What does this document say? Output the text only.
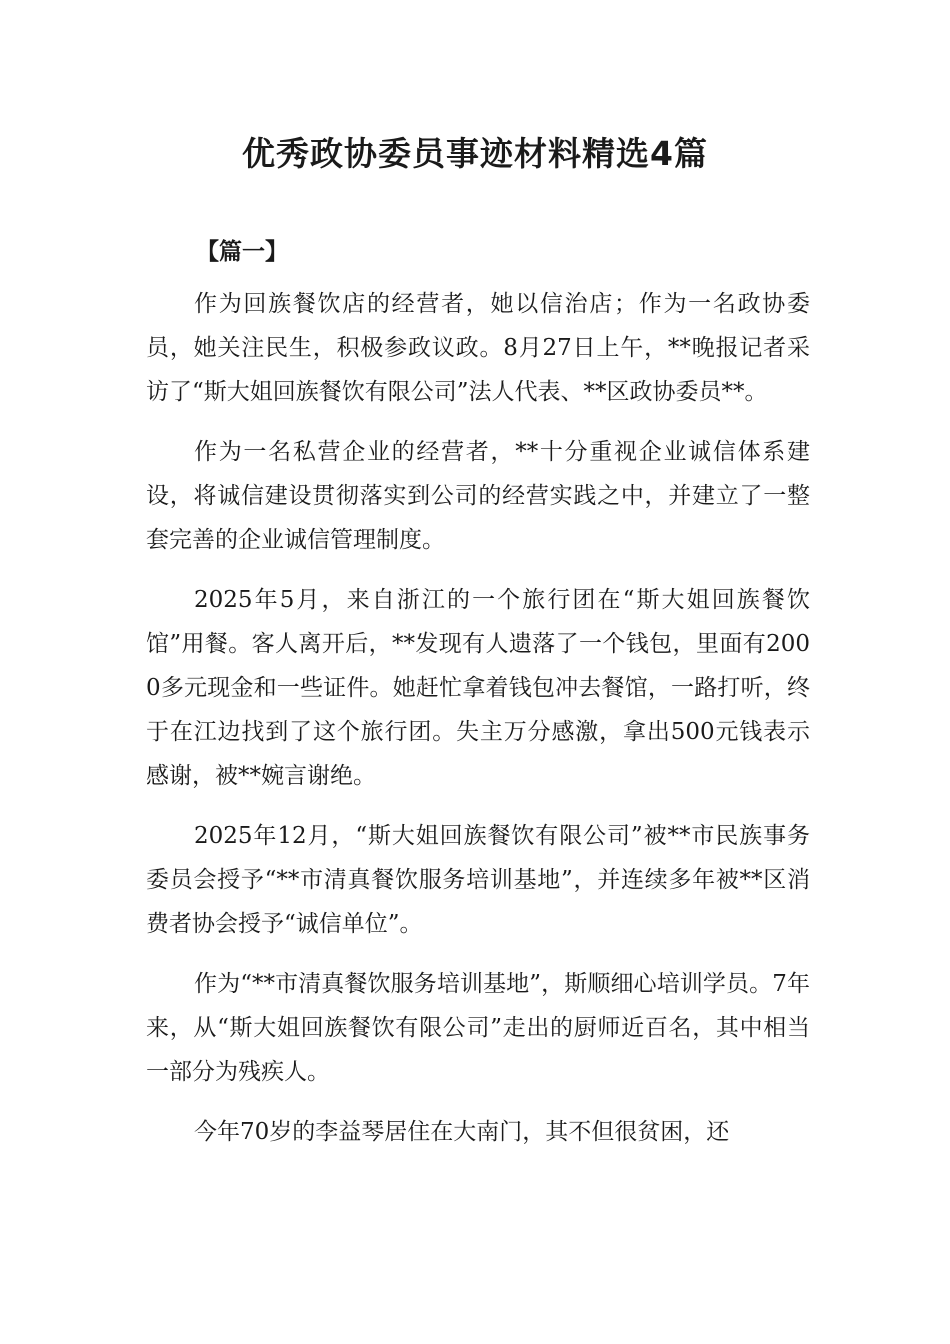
优秀政协委员事迹材料精选4篇
【篇一】

作为回族餐饮店的经营者，她以信治店；作为一名政协委员，她关注民生，积极参政议政。8月27日上午，**晚报记者采访了“斯大姐回族餐饮有限公司”法人代表、**区政协委员**。

作为一名私营企业的经营者，**十分重视企业诚信体系建设，将诚信建设贯彻落实到公司的经营实践之中，并建立了一整套完善的企业诚信管理制度。

2025年5月，来自浙江的一个旅行团在“斯大姐回族餐饮馆”用餐。客人离开后，**发现有人遗落了一个钱包，里面有2000多元现金和一些证件。她赶忙拿着钱包冲去餐馆，一路打听，终于在江边找到了这个旅行团。失主万分感激，拿出500元钱表示感谢，被**婉言谢绝。

2025年12月，“斯大姐回族餐饮有限公司”被**市民族事务委员会授予“**市清真餐饮服务培训基地”，并连续多年被**区消费者协会授予“诚信单位”。

作为“**市清真餐饮服务培训基地”，斯顺细心培训学员。7年来，从“斯大姐回族餐饮有限公司”走出的厨师近百名，其中相当一部分为残疾人。

今年70岁的李益琴居住在大南门，其不但很贫困，还
